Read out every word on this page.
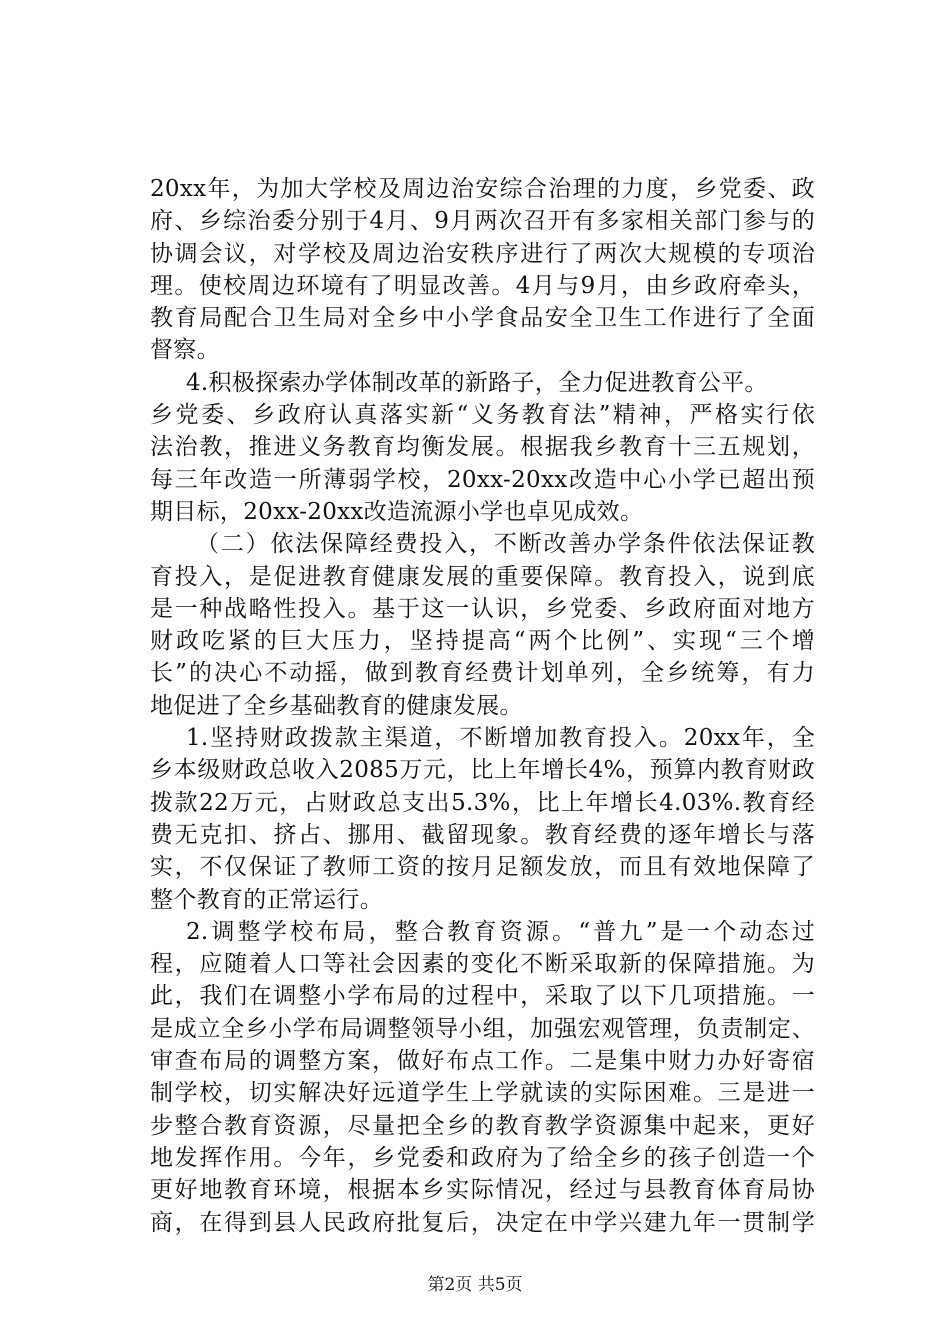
20xx年，为加大学校及周边治安综合治理的力度，乡党委、政
府、乡综治委分别于4月、9月两次召开有多家相关部门参与的
协调会议，对学校及周边治安秩序进行了两次大规模的专项治
理。使校周边环境有了明显改善。4月与9月，由乡政府牵头，
教育局配合卫生局对全乡中小学食品安全卫生工作进行了全面
督察。
4.积极探索办学体制改革的新路子，全力促进教育公平。
乡党委、乡政府认真落实新“义务教育法”精神，严格实行依
法治教，推进义务教育均衡发展。根据我乡教育十三五规划，
每三年改造一所薄弱学校，20xx-20xx改造中心小学已超出预
期目标，20xx-20xx改造流源小学也卓见成效。
（二）依法保障经费投入，不断改善办学条件依法保证教
育投入，是促进教育健康发展的重要保障。教育投入，说到底
是一种战略性投入。基于这一认识，乡党委、乡政府面对地方
财政吃紧的巨大压力，坚持提高“两个比例”、实现“三个增
长”的决心不动摇，做到教育经费计划单列，全乡统筹，有力
地促进了全乡基础教育的健康发展。
1.坚持财政拨款主渠道，不断增加教育投入。20xx年，全
乡本级财政总收入2085万元，比上年增长4%，预算内教育财政
拨款22万元，占财政总支出5.3%，比上年增长4.03%.教育经
费无克扣、挤占、挪用、截留现象。教育经费的逐年增长与落
实，不仅保证了教师工资的按月足额发放，而且有效地保障了
整个教育的正常运行。
2.调整学校布局，整合教育资源。“普九”是一个动态过
程，应随着人口等社会因素的变化不断采取新的保障措施。为
此，我们在调整小学布局的过程中，采取了以下几项措施。一
是成立全乡小学布局调整领导小组，加强宏观管理，负责制定、
审查布局的调整方案，做好布点工作。二是集中财力办好寄宿
制学校，切实解决好远道学生上学就读的实际困难。三是进一
步整合教育资源，尽量把全乡的教育教学资源集中起来，更好
地发挥作用。今年，乡党委和政府为了给全乡的孩子创造一个
更好地教育环境，根据本乡实际情况，经过与县教育体育局协
商，在得到县人民政府批复后，决定在中学兴建九年一贯制学
第2页 共5页
